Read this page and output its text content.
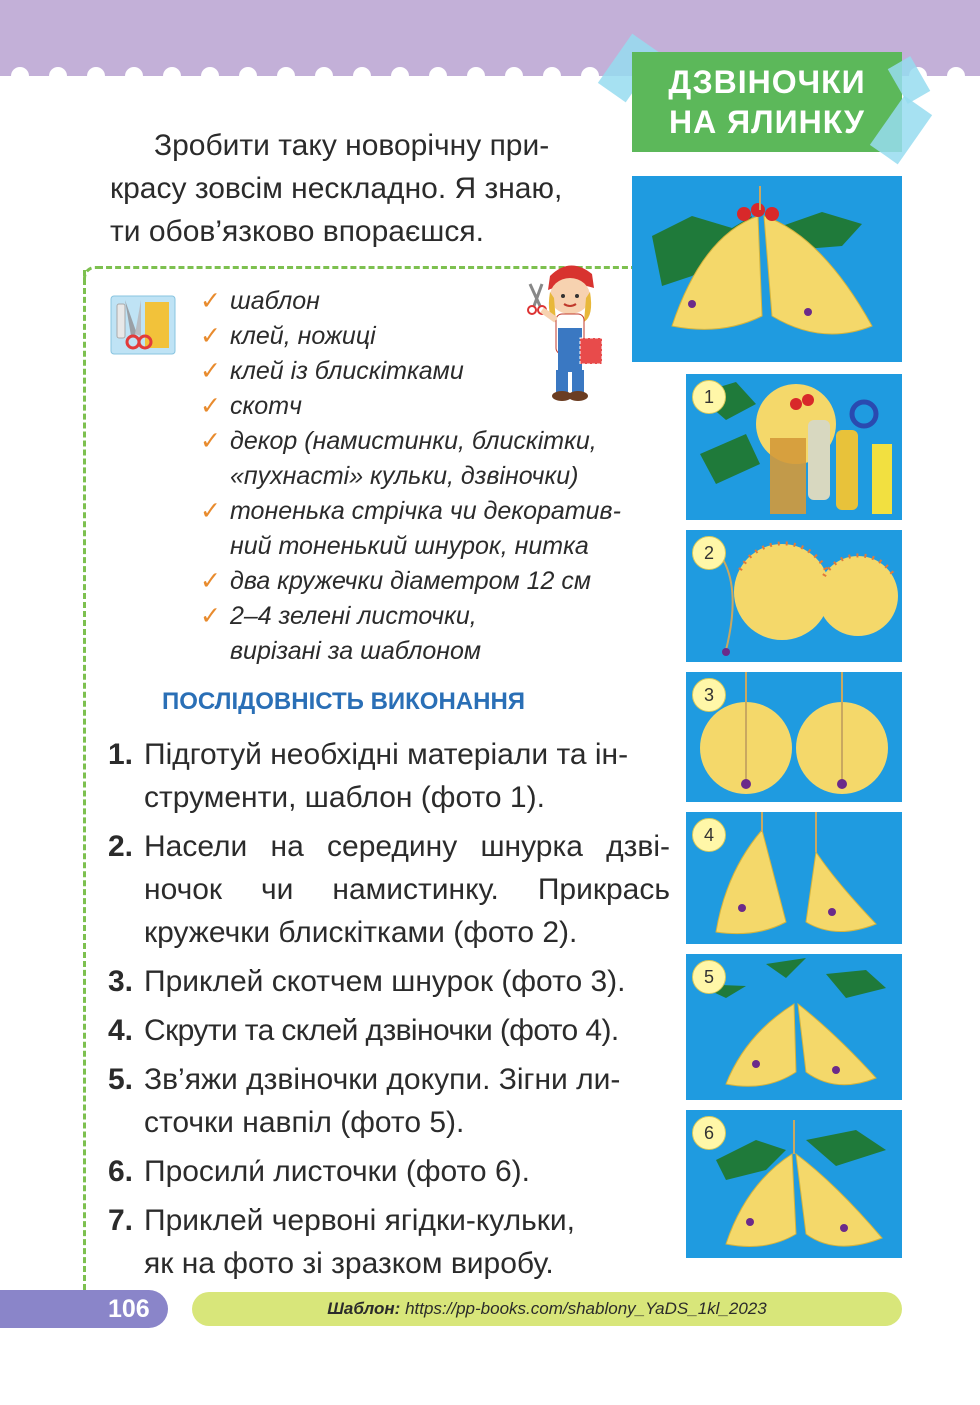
ДЗВІНОЧКИ
НА ЯЛИНКУ
Зробити таку новорічну при-
красу зовсім нескладно. Я знаю,
ти обов’язково впораєшся.
✓ шаблон
✓ клей, ножиці
✓ клей із блискітками
✓ скотч
✓ декор (намистинки, блискітки,
«пухнасті» кульки, дзвіночки)
✓ тоненька стрічка чи декоратив-
ний тоненький шнурок, нитка
✓ два кружечки діаметром 12 см
✓ 2–4 зелені листочки,
вирізані за шаблоном
ПОСЛІДОВНІСТЬ ВИКОНАННЯ
1. Підготуй необхідні матеріали та ін-
струменти, шаблон (фото 1).
2. Насели на середину шнурка дзві-
ночок чи намистинку. Прикрась
кружечки блискітками (фото 2).
3. Приклей скотчем шнурок (фото 3).
4. Скрути та склей дзвіночки (фото 4).
5. Зв’яжи дзвіночки докупи. Зігни ли-
сточки навпіл (фото 5).
6. Просили́ листочки (фото 6).
7. Приклей червоні ягідки-кульки,
як на фото зі зразком виробу.
1
2
3
4
5
6
106	Шаблон: https://pp-books.com/shablony_YaDS_1kl_2023
